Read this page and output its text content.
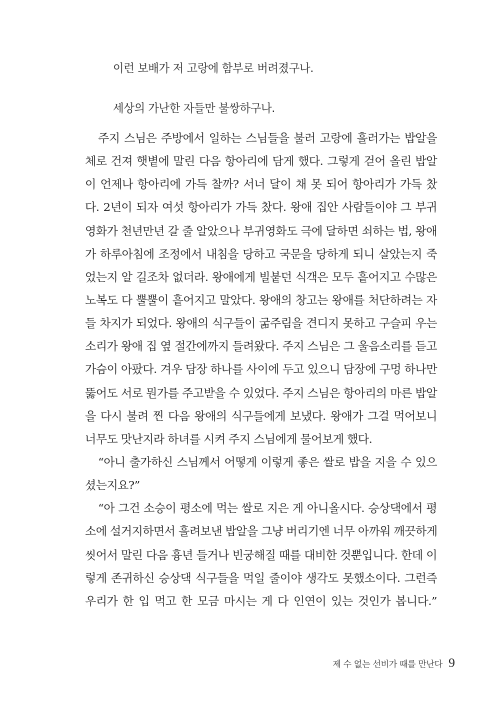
이런 보배가 저 고랑에 함부로 버려졌구나.

세상의 가난한 자들만 불쌍하구나.

주지 스님은 주방에서 일하는 스님들을 불러 고랑에 흘러가는 밥알을
체로 건져 햇볕에 말린 다음 항아리에 담게 했다. 그렇게 걷어 올린 밥알
이 언제나 항아리에 가득 찰까? 서너 달이 채 못 되어 항아리가 가득 찼
다. 2년이 되자 여섯 항아리가 가득 찼다. 왕애 집안 사람들이야 그 부귀
영화가 천년만년 갈 줄 알았으나 부귀영화도 극에 달하면 쇠하는 법, 왕애
가 하루아침에 조정에서 내침을 당하고 국문을 당하게 되니 살았는지 죽
었는지 알 길조차 없더라. 왕애에게 빌붙던 식객은 모두 흩어지고 수많은
노복도 다 뿔뿔이 흩어지고 말았다. 왕애의 창고는 왕애를 처단하려는 자
들 차지가 되었다. 왕애의 식구들이 굶주림을 견디지 못하고 구슬피 우는
소리가 왕애 집 옆 절간에까지 들려왔다. 주지 스님은 그 울음소리를 듣고
가슴이 아팠다. 겨우 담장 하나를 사이에 두고 있으니 담장에 구멍 하나만
뚫어도 서로 뭔가를 주고받을 수 있었다. 주지 스님은 항아리의 마른 밥알
을 다시 불려 찐 다음 왕애의 식구들에게 보냈다. 왕애가 그걸 먹어보니
너무도 맛난지라 하녀를 시켜 주지 스님에게 물어보게 했다.
“아니 출가하신 스님께서 어떻게 이렇게 좋은 쌀로 밥을 지을 수 있으
셨는지요?”
“아 그건 소승이 평소에 먹는 쌀로 지은 게 아니올시다. 승상댁에서 평
소에 설거지하면서 흘려보낸 밥알을 그냥 버리기엔 너무 아까워 깨끗하게
씻어서 말린 다음 흉년 들거나 빈궁해질 때를 대비한 것뿐입니다. 한데 이
렇게 존귀하신 승상댁 식구들을 먹일 줄이야 생각도 못했소이다. 그런즉
우리가 한 입 먹고 한 모금 마시는 게 다 인연이 있는 것인가 봅니다.”
제 수 없는 선비가 때를 만난다 9
